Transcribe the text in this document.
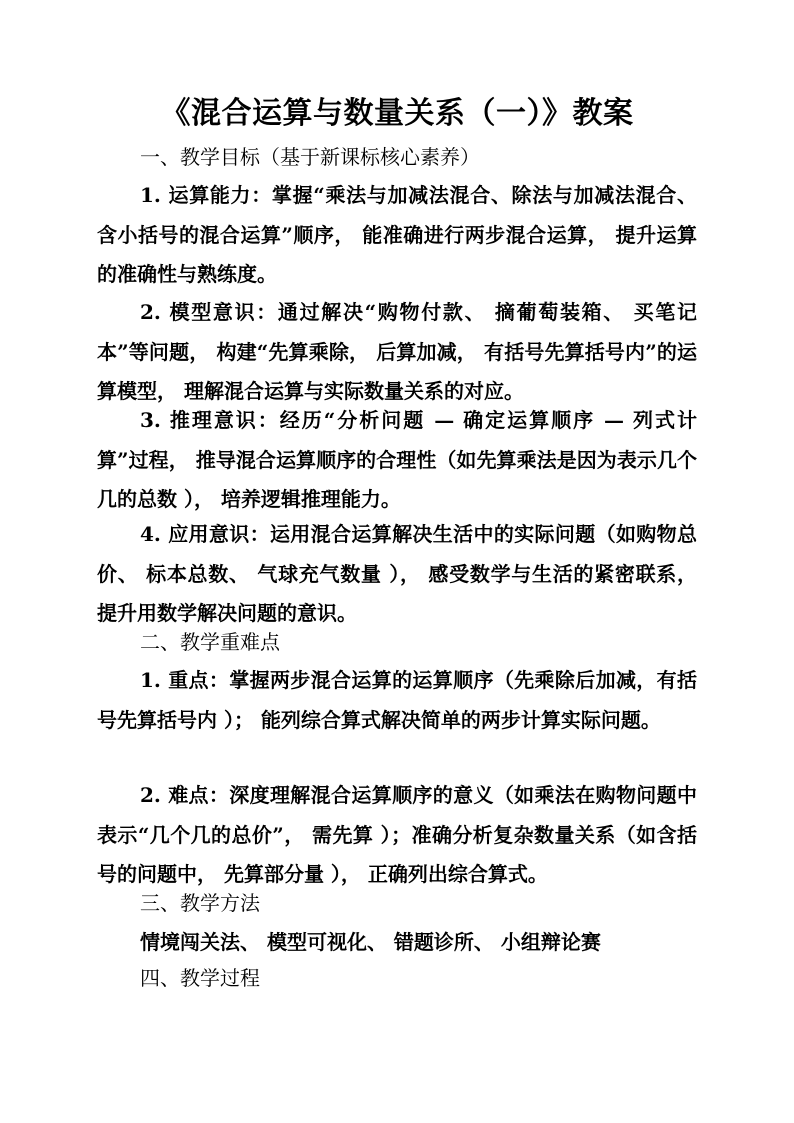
《混合运算与数量关系（一）》教案
一、教学目标（基于新课标核心素养）
1. 运算能力：掌握“乘法与加减法混合、除法与加减法混合、含小括号的混合运算”顺序， 能准确进行两步混合运算， 提升运算的准确性与熟练度。
2. 模型意识：通过解决“购物付款、 摘葡萄装箱、 买笔记本”等问题， 构建“先算乘除， 后算加减， 有括号先算括号内”的运算模型， 理解混合运算与实际数量关系的对应。
3. 推理意识：经历“分析问题 — 确定运算顺序 — 列式计算”过程， 推导混合运算顺序的合理性（如先算乘法是因为表示几个几的总数 ）， 培养逻辑推理能力。
4. 应用意识：运用混合运算解决生活中的实际问题（如购物总价、 标本总数、 气球充气数量 ）， 感受数学与生活的紧密联系， 提升用数学解决问题的意识。
二、教学重难点
1. 重点：掌握两步混合运算的运算顺序（先乘除后加减，有括号先算括号内 ）； 能列综合算式解决简单的两步计算实际问题。
2. 难点：深度理解混合运算顺序的意义（如乘法在购物问题中表示“几个几的总价”， 需先算 ）；准确分析复杂数量关系（如含括号的问题中， 先算部分量 ）， 正确列出综合算式。
三、教学方法
情境闯关法、 模型可视化、 错题诊所、 小组辩论赛
四、教学过程
